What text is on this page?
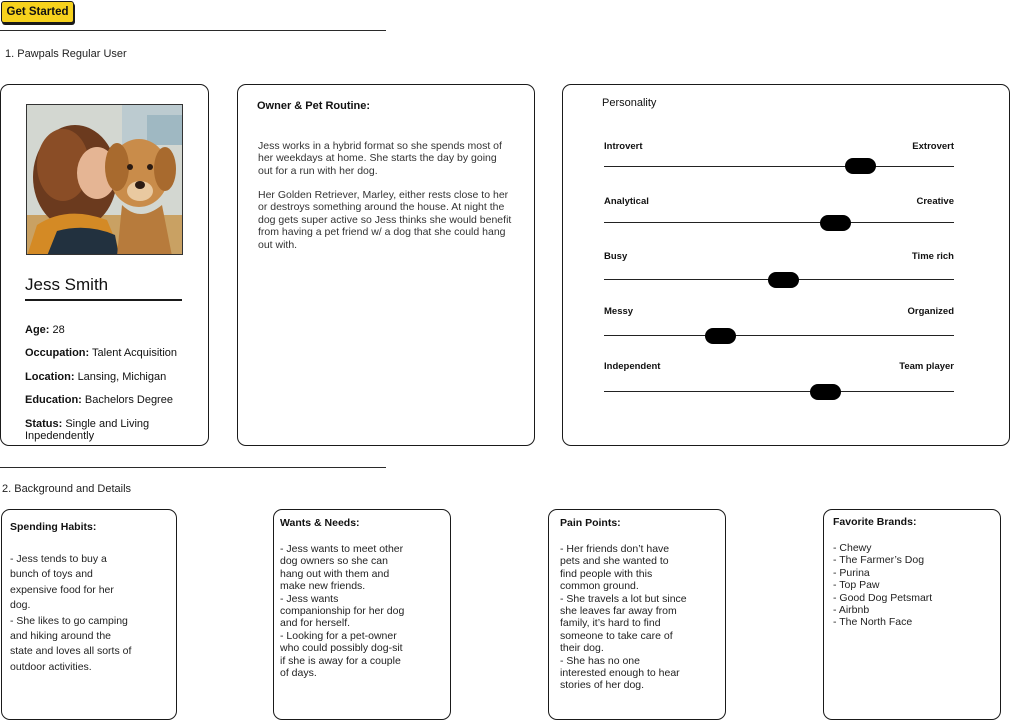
Get Started
1. Pawpals Regular User
Jess Smith
Age: 28
Occupation: Talent Acquisition
Location: Lansing, Michigan
Education: Bachelors Degree
Status: Single and Living Inpedendently
Owner & Pet Routine:
Jess works in a hybrid format so she spends most of her weekdays at home. She starts the day by going out for a run with her dog.
Her Golden Retriever, Marley, either rests close to her or destroys something around the house. At night the dog gets super active so Jess thinks she would benefit from having a pet friend w/ a dog that she could hang out with.
Personality
Introvert	Extrovert
Analytical	Creative
Busy	Time rich
Messy	Organized
Independent	Team player
2. Background and Details
Spending Habits:
- Jess tends to buy a
bunch of toys and
expensive food for her
dog.
- She likes to go camping
and hiking around the
state and loves all sorts of
outdoor activities.
Wants & Needs:
- Jess wants to meet other
dog owners so she can
hang out with them and
make new friends.
- Jess wants
companionship for her dog
and for herself.
- Looking for a pet-owner
who could possibly dog-sit
if she is away for a couple
of days.
Pain Points:
- Her friends don’t have
pets and she wanted to
find people with this
common ground.
- She travels a lot but since
she leaves far away from
family, it’s hard to find
someone to take care of
their dog.
- She has no one
interested enough to hear
stories of her dog.
Favorite Brands:
- Chewy
- The Farmer’s Dog
- Purina
- Top Paw
- Good Dog Petsmart
- Airbnb
- The North Face
